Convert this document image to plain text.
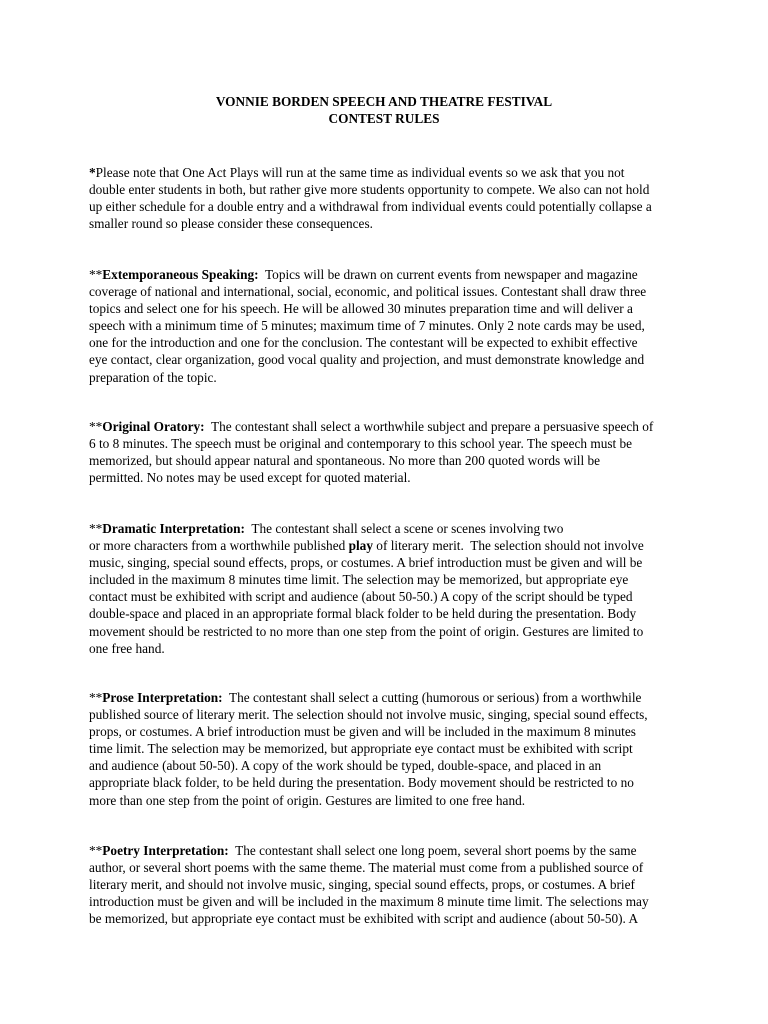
VONNIE BORDEN SPEECH AND THEATRE FESTIVAL
CONTEST RULES
*Please note that One Act Plays will run at the same time as individual events so we ask that you not
double enter students in both, but rather give more students opportunity to compete. We also can not hold
up either schedule for a double entry and a withdrawal from individual events could potentially collapse a
smaller round so please consider these consequences.
**Extemporaneous Speaking:  Topics will be drawn on current events from newspaper and magazine
coverage of national and international, social, economic, and political issues. Contestant shall draw three
topics and select one for his speech. He will be allowed 30 minutes preparation time and will deliver a
speech with a minimum time of 5 minutes; maximum time of 7 minutes. Only 2 note cards may be used,
one for the introduction and one for the conclusion. The contestant will be expected to exhibit effective
eye contact, clear organization, good vocal quality and projection, and must demonstrate knowledge and
preparation of the topic.
**Original Oratory:  The contestant shall select a worthwhile subject and prepare a persuasive speech of
6 to 8 minutes. The speech must be original and contemporary to this school year. The speech must be
memorized, but should appear natural and spontaneous. No more than 200 quoted words will be
permitted. No notes may be used except for quoted material.
**Dramatic Interpretation:  The contestant shall select a scene or scenes involving two
or more characters from a worthwhile published play of literary merit.  The selection should not involve
music, singing, special sound effects, props, or costumes. A brief introduction must be given and will be
included in the maximum 8 minutes time limit. The selection may be memorized, but appropriate eye
contact must be exhibited with script and audience (about 50-50.) A copy of the script should be typed
double-space and placed in an appropriate formal black folder to be held during the presentation. Body
movement should be restricted to no more than one step from the point of origin. Gestures are limited to
one free hand.
**Prose Interpretation:  The contestant shall select a cutting (humorous or serious) from a worthwhile
published source of literary merit. The selection should not involve music, singing, special sound effects,
props, or costumes. A brief introduction must be given and will be included in the maximum 8 minutes
time limit. The selection may be memorized, but appropriate eye contact must be exhibited with script
and audience (about 50-50). A copy of the work should be typed, double-space, and placed in an
appropriate black folder, to be held during the presentation. Body movement should be restricted to no
more than one step from the point of origin. Gestures are limited to one free hand.
**Poetry Interpretation:  The contestant shall select one long poem, several short poems by the same
author, or several short poems with the same theme. The material must come from a published source of
literary merit, and should not involve music, singing, special sound effects, props, or costumes. A brief
introduction must be given and will be included in the maximum 8 minute time limit. The selections may
be memorized, but appropriate eye contact must be exhibited with script and audience (about 50-50). A
